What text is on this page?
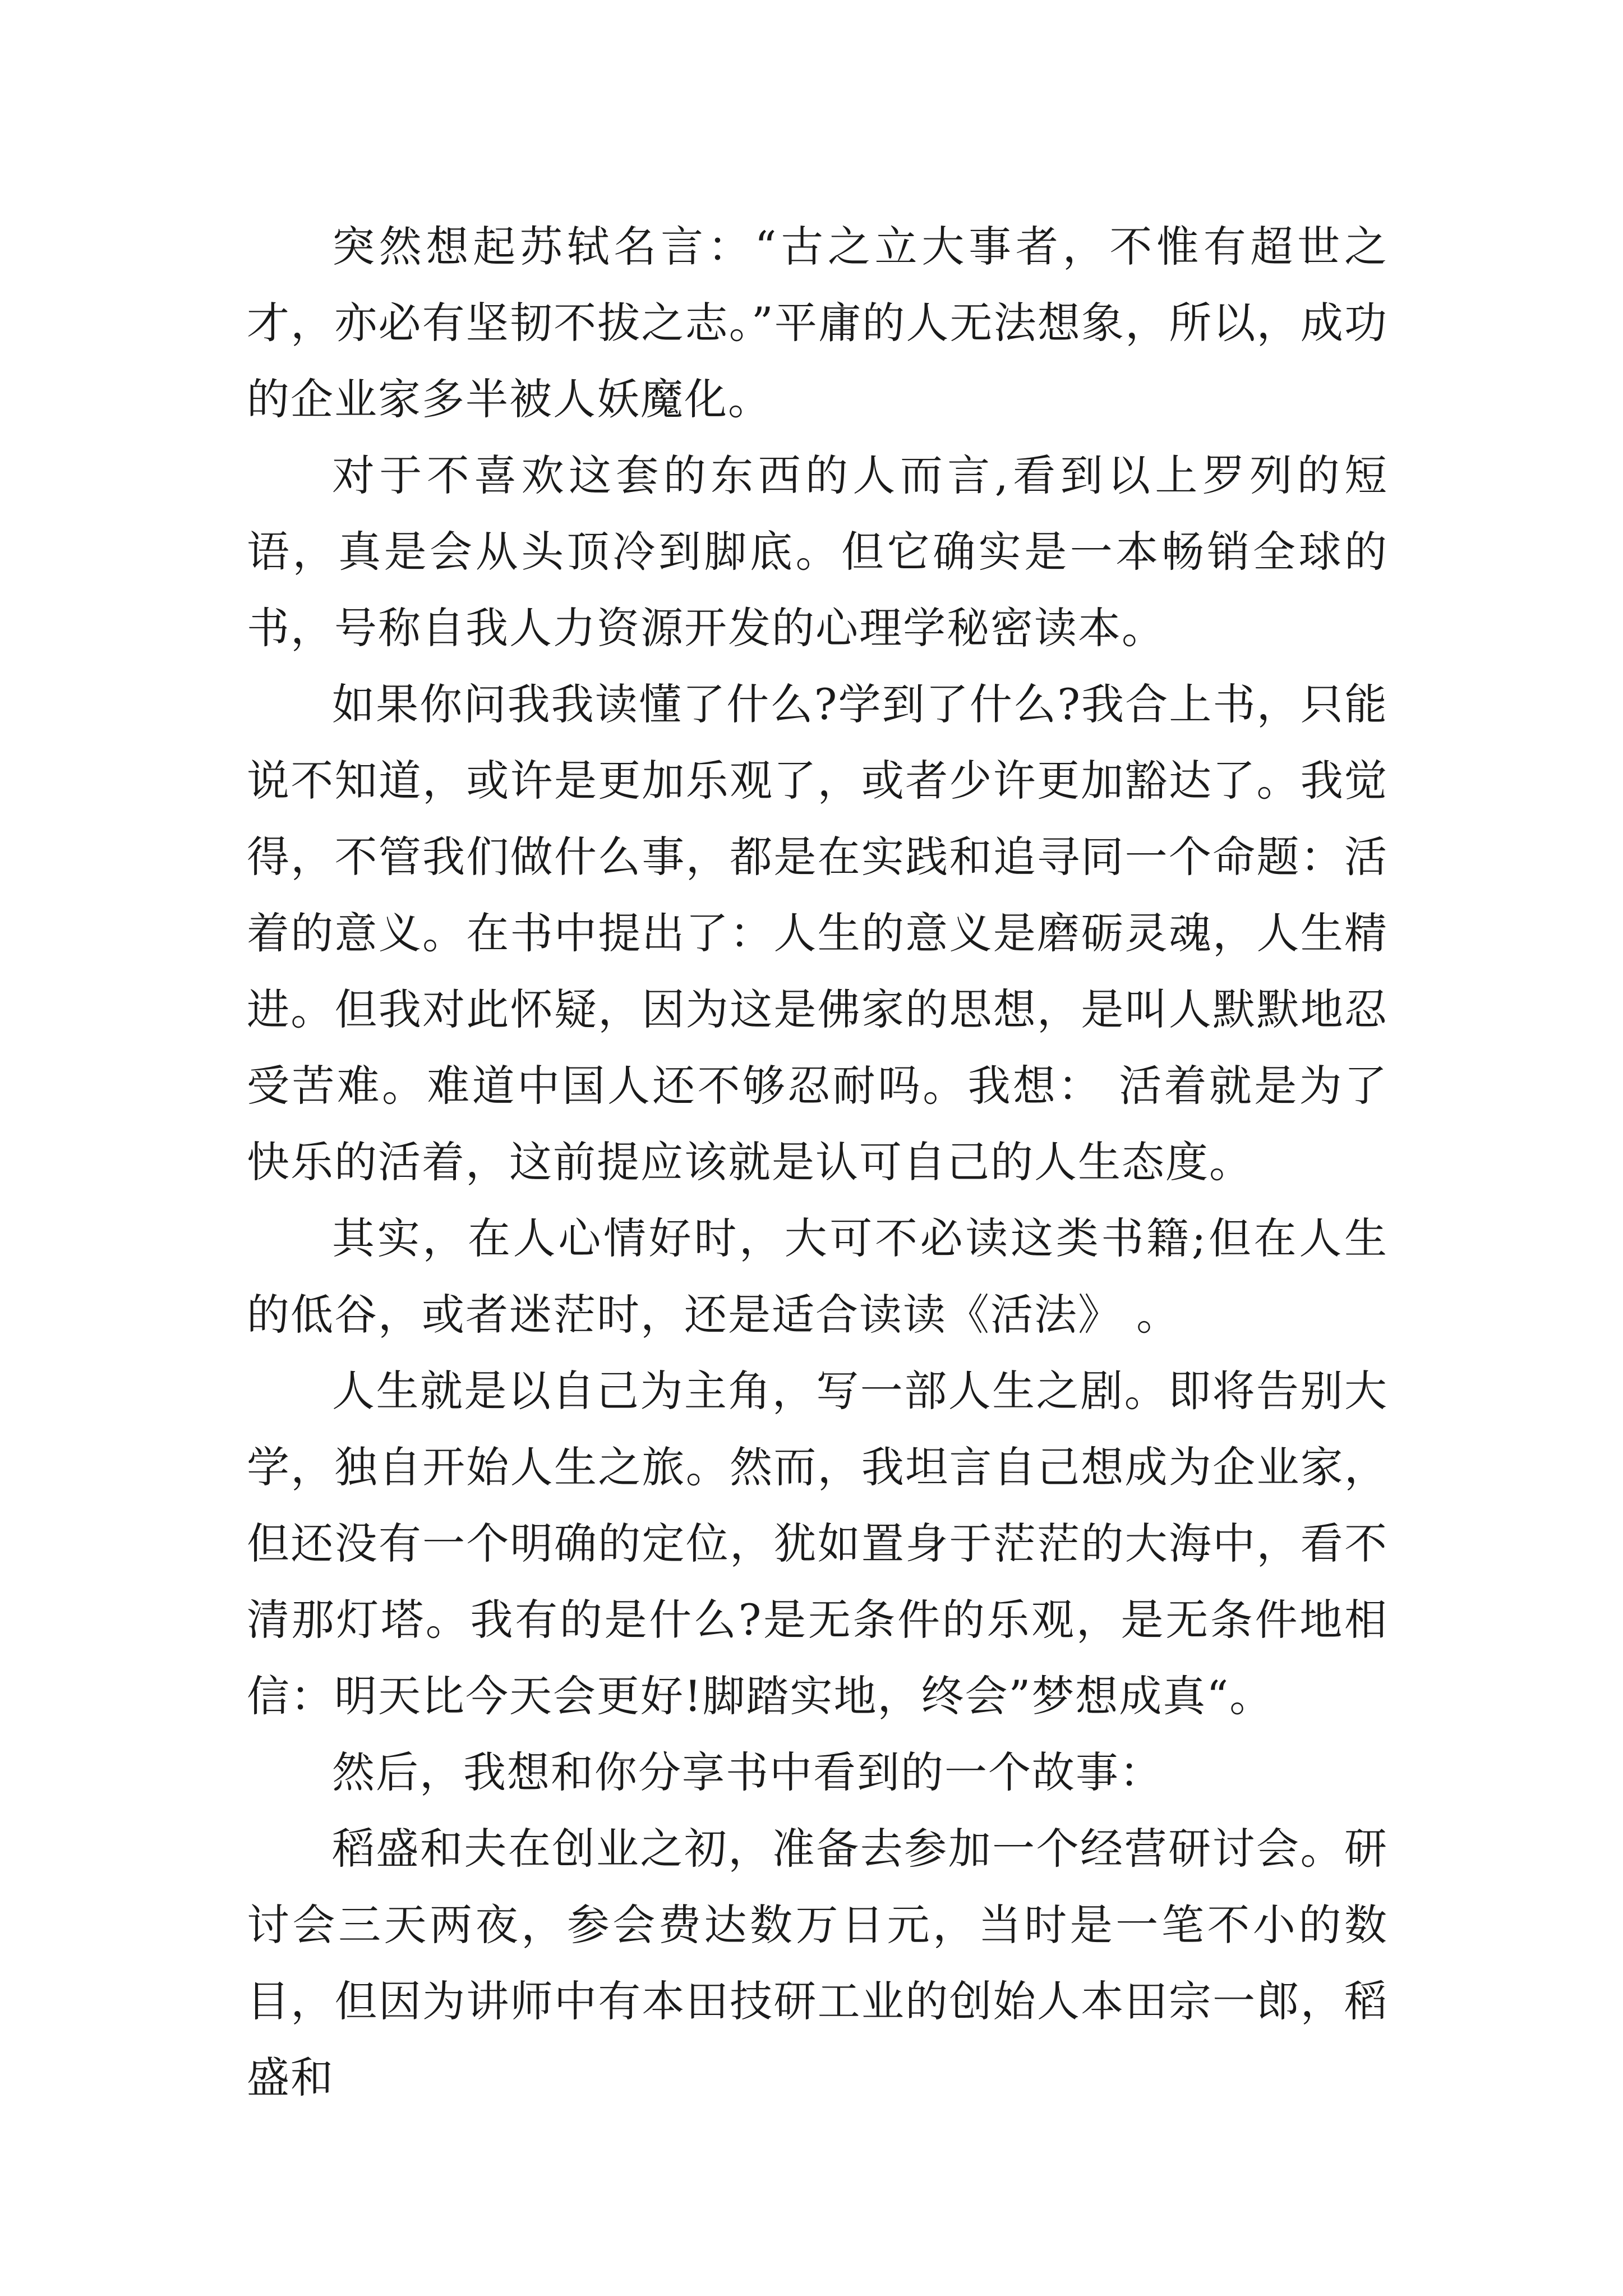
突然想起苏轼名言：“古之立大事者，不惟有超世之才，亦必有坚韧不拔之志。”平庸的人无法想象，所以，成功的企业家多半被人妖魔化。

对于不喜欢这套的东西的人而言,看到以上罗列的短语，真是会从头顶冷到脚底。但它确实是一本畅销全球的书，号称自我人力资源开发的心理学秘密读本。

如果你问我我读懂了什么?学到了什么?我合上书，只能说不知道，或许是更加乐观了，或者少许更加豁达了。我觉得，不管我们做什么事，都是在实践和追寻同一个命题：活着的意义。在书中提出了：人生的意义是磨砺灵魂，人生精进。但我对此怀疑，因为这是佛家的思想，是叫人默默地忍受苦难。难道中国人还不够忍耐吗。我想： 活着就是为了快乐的活着，这前提应该就是认可自己的人生态度。

其实，在人心情好时，大可不必读这类书籍;但在人生的低谷，或者迷茫时，还是适合读读《活法》 。

人生就是以自己为主角，写一部人生之剧。即将告别大学，独自开始人生之旅。然而，我坦言自己想成为企业家，但还没有一个明确的定位，犹如置身于茫茫的大海中，看不清那灯塔。我有的是什么?是无条件的乐观，是无条件地相信：明天比今天会更好!脚踏实地，终会”梦想成真“。

然后，我想和你分享书中看到的一个故事：

稻盛和夫在创业之初，准备去参加一个经营研讨会。研讨会三天两夜，参会费达数万日元，当时是一笔不小的数目，但因为讲师中有本田技研工业的创始人本田宗一郎，稻盛和
